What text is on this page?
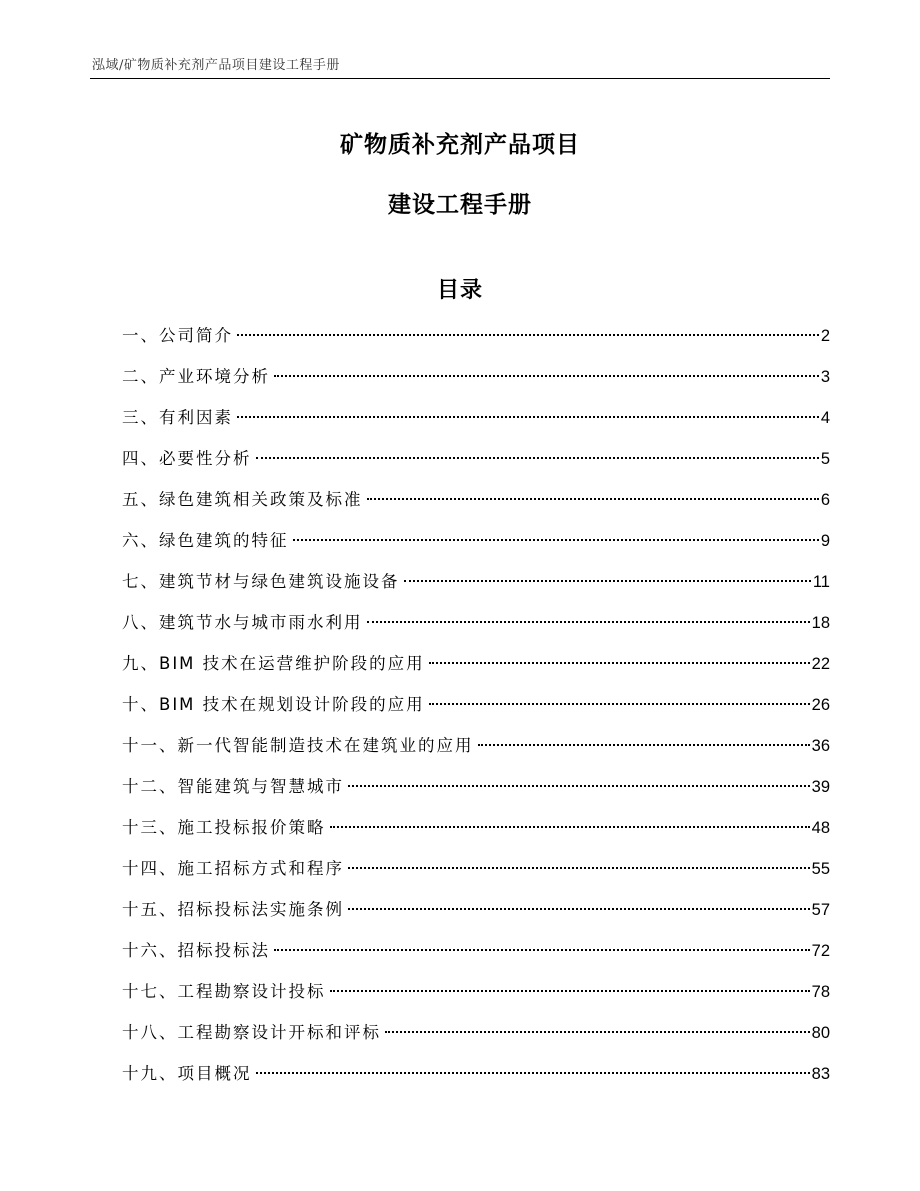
泓域/矿物质补充剂产品项目建设工程手册
矿物质补充剂产品项目
建设工程手册
目录
一、 公司简介	2
二、 产业环境分析	3
三、 有利因素	4
四、 必要性分析	5
五、 绿色建筑相关政策及标准	6
六、 绿色建筑的特征	9
七、 建筑节材与绿色建筑设施设备	11
八、 建筑节水与城市雨水利用	18
九、 BIM 技术在运营维护阶段的应用	22
十、 BIM 技术在规划设计阶段的应用	26
十一、 新一代智能制造技术在建筑业的应用	36
十二、 智能建筑与智慧城市	39
十三、 施工投标报价策略	48
十四、 施工招标方式和程序	55
十五、 招标投标法实施条例	57
十六、 招标投标法	72
十七、 工程勘察设计投标	78
十八、 工程勘察设计开标和评标	80
十九、 项目概况	83
